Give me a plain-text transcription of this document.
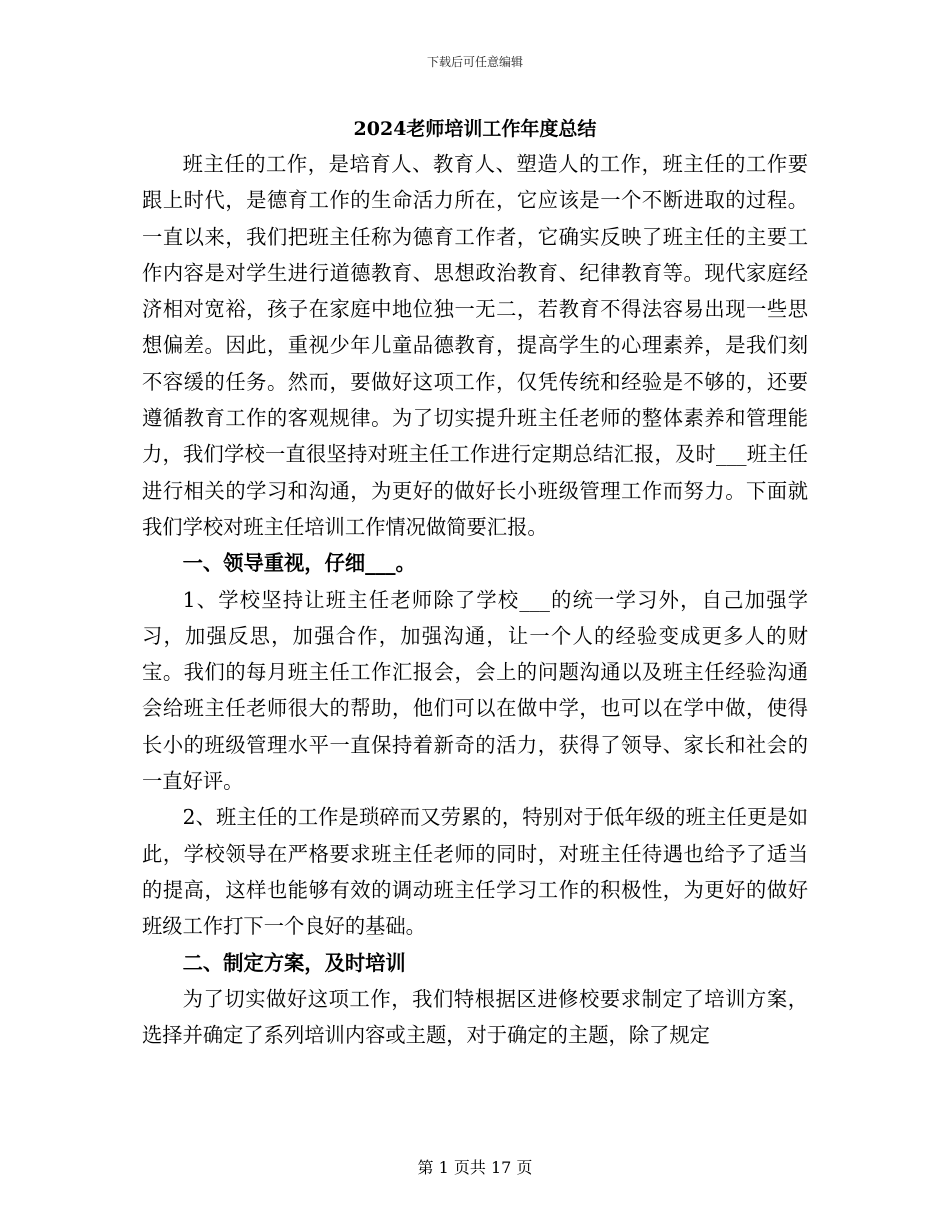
下载后可任意编辑
2024老师培训工作年度总结

班主任的工作，是培育人、教育人、塑造人的工作，班主任的工作要跟上时代，是德育工作的生命活力所在，它应该是一个不断进取的过程。一直以来，我们把班主任称为德育工作者，它确实反映了班主任的主要工作内容是对学生进行道德教育、思想政治教育、纪律教育等。现代家庭经济相对宽裕，孩子在家庭中地位独一无二，若教育不得法容易出现一些思想偏差。因此，重视少年儿童品德教育，提高学生的心理素养，是我们刻不容缓的任务。然而，要做好这项工作，仅凭传统和经验是不够的，还要遵循教育工作的客观规律。为了切实提升班主任老师的整体素养和管理能力，我们学校一直很坚持对班主任工作进行定期总结汇报，及时___班主任进行相关的学习和沟通，为更好的做好长小班级管理工作而努力。下面就我们学校对班主任培训工作情况做简要汇报。

一、领导重视，仔细___。

1、学校坚持让班主任老师除了学校___的统一学习外，自己加强学习，加强反思，加强合作，加强沟通，让一个人的经验变成更多人的财宝。我们的每月班主任工作汇报会，会上的问题沟通以及班主任经验沟通会给班主任老师很大的帮助，他们可以在做中学，也可以在学中做，使得长小的班级管理水平一直保持着新奇的活力，获得了领导、家长和社会的一直好评。

2、班主任的工作是琐碎而又劳累的，特别对于低年级的班主任更是如此，学校领导在严格要求班主任老师的同时，对班主任待遇也给予了适当的提高，这样也能够有效的调动班主任学习工作的积极性，为更好的做好班级工作打下一个良好的基础。

二、制定方案，及时培训

为了切实做好这项工作，我们特根据区进修校要求制定了培训方案，选择并确定了系列培训内容或主题，对于确定的主题，除了规定

第 1 页共 17 页
